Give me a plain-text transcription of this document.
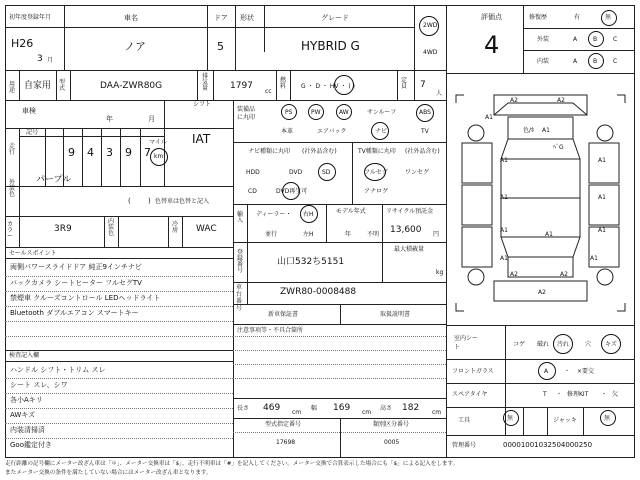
初年度登録年月
H26
3 月
車名
ノア
ドア
5
形状	グレード
HYBRID G
2WD
4WD
用途 自家用 型式	DAA-ZWR80G
排気量 1797
cc
燃料	G ・ D ・ HV ・ ( )
定員 7
人
車検
年	月
シフト
IAT
走行
記号
9 4 3 9 7
マイル
km
外装色
パープル
( ) 色替車は色替と記入
カラー
3R9
内装色
冷房 WAC
セールスポイント
両側パワースライドドア 純正9インチナビ
バックカメラ シートヒーター フルセグTV
禁煙車 クルーズコントロール LEDヘッドライト
Bluetooth ダブルエアコン スマートキー
検査記入欄
ハンドル シフト・トリム スレ
シート スレ、シワ
各小Aキリ
AWキズ
内装清掃済
Goo鑑定付き
装備品に丸印
PS	PW	AW	サンルーフ	ABS
本革	エアバック	ナビ	TV
ナビ種類に丸印 (社外品含む)
HDD	DVD	SD
CD	DVD再生可
TV種類に丸印 (社外品含む)
フルセグ	ワンセグ
アナログ
輸入
ディーラー・
並行
右H
左H
モデル年式
年	不明
リサイクル預託金
13,600 円
登録番号
山口532ち5151
最大積載量
kg
車台番号
ZWR80-0008488
新車保証書	取扱説明書
注意事項等・不具合箇所
長さ 469 cm
幅 169 cm
高さ 182 cm
型式指定番号
17698
類別区分番号
0005
評価点
4
修復歴	有	無
外装	A	B	C
内装	A	B	C
A2	A2
A1
色/ﾎ A1
ﾍﾞG
A1	A1
A1	A1
A1
A1
A1
A2	A2
A1	A1
A2
室内シート	コゲ 破れ 汚れ	穴 キズ
フロントガラス	A	・ ×要交
スペアタイヤ	T ・ 修理KIT ・ 欠
工具	無	ジャッキ	無
管理番号	00001001032504000250
走行距離の記号欄にメーター改ざん車は「＊」、メーター交換車は「$」、走行不明車は「#」を記入してください。メーター交換で合算表示した場合にも「$」による記入をします。
またメーター交換の条件を満たしていない場合にはメーター改ざん車となります。
